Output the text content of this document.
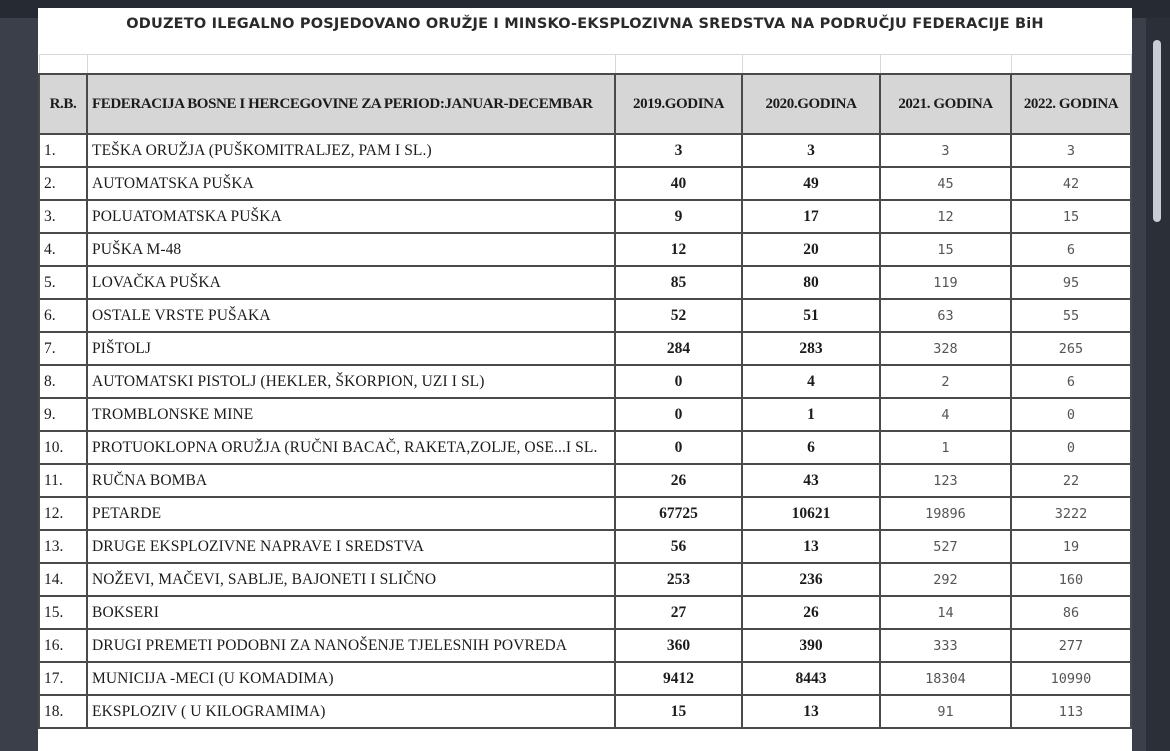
ODUZETO ILEGALNO POSJEDOVANO ORUŽJE I MINSKO-EKSPLOZIVNA SREDSTVA NA PODRUČJU FEDERACIJE BiH

R.B.	FEDERACIJA BOSNE I HERCEGOVINE ZA PERIOD:JANUAR-DECEMBAR	2019.GODINA	2020.GODINA	2021. GODINA	2022. GODINA
1.	TEŠKA ORUŽJA (PUŠKOMITRALJEZ, PAM I SL.)	3	3	3	3
2.	AUTOMATSKA PUŠKA	40	49	45	42
3.	POLUATOMATSKA PUŠKA	9	17	12	15
4.	PUŠKA M-48	12	20	15	6
5.	LOVAČKA PUŠKA	85	80	119	95
6.	OSTALE VRSTE PUŠAKA	52	51	63	55
7.	PIŠTOLJ	284	283	328	265
8.	AUTOMATSKI PISTOLJ (HEKLER, ŠKORPION, UZI I SL)	0	4	2	6
9.	TROMBLONSKE MINE	0	1	4	0
10.	PROTUOKLOPNA ORUŽJA (RUČNI BACAČ, RAKETA,ZOLJE, OSE...I SL.	0	6	1	0
11.	RUČNA BOMBA	26	43	123	22
12.	PETARDE	67725	10621	19896	3222
13.	DRUGE EKSPLOZIVNE NAPRAVE I SREDSTVA	56	13	527	19
14.	NOŽEVI, MAČEVI, SABLJE, BAJONETI I SLIČNO	253	236	292	160
15.	BOKSERI	27	26	14	86
16.	DRUGI PREMETI PODOBNI ZA NANOŠENJE TJELESNIH POVREDA	360	390	333	277
17.	MUNICIJA -MECI (U KOMADIMA)	9412	8443	18304	10990
18.	EKSPLOZIV ( U KILOGRAMIMA)	15	13	91	113
